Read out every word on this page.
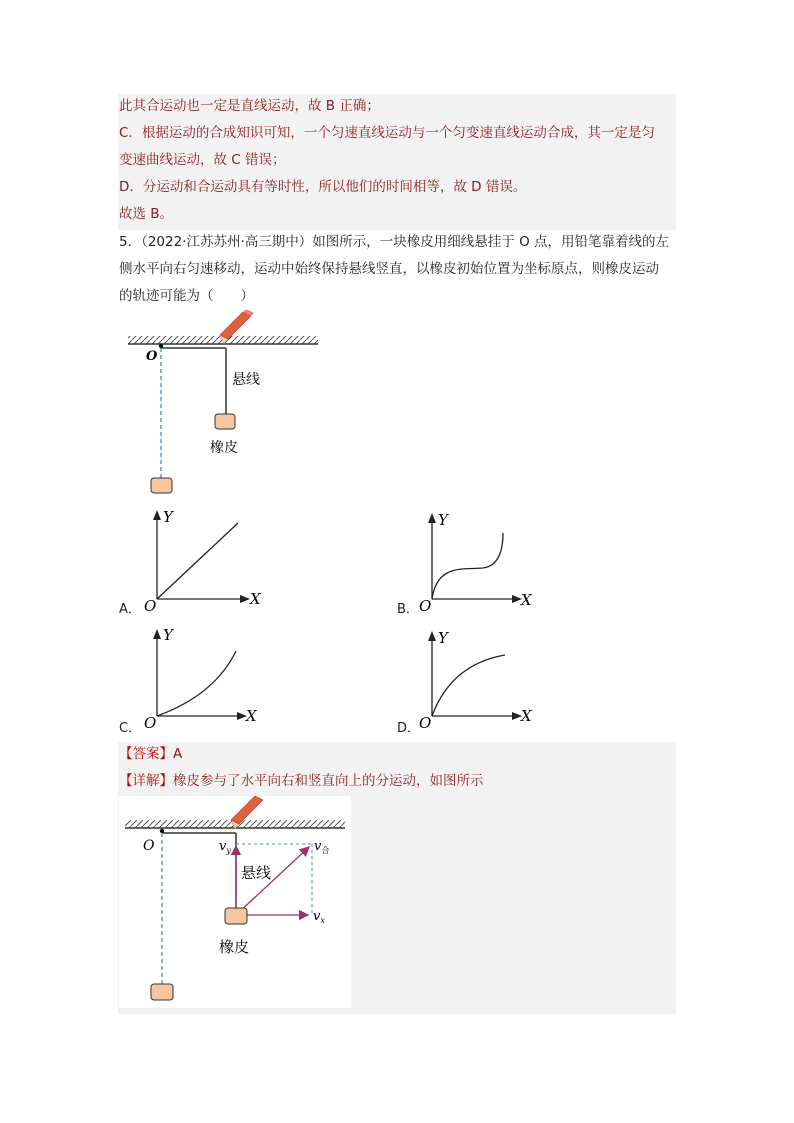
此其合运动也一定是直线运动，故 B 正确；
C．根据运动的合成知识可知，一个匀速直线运动与一个匀变速直线运动合成，其一定是匀
变速曲线运动，故 C 错误；
D．分运动和合运动具有等时性，所以他们的时间相等，故 D 错误。
故选 B。
5．（2022·江苏苏州·高三期中）如图所示，一块橡皮用细线悬挂于 O 点，用铅笔靠着线的左
侧水平向右匀速移动，运动中始终保持悬线竖直，以橡皮初始位置为坐标原点，则橡皮运动
的轨迹可能为（　　）
O
悬线
橡皮
Y
X
O
A．
Y
X
O
B．
Y
X
O
C．
Y
X
O
D．
【答案】A
【详解】橡皮参与了水平向右和竖直向上的分运动，如图所示
O
悬线
橡皮
$v_y$	$v_合$
$v_x$
